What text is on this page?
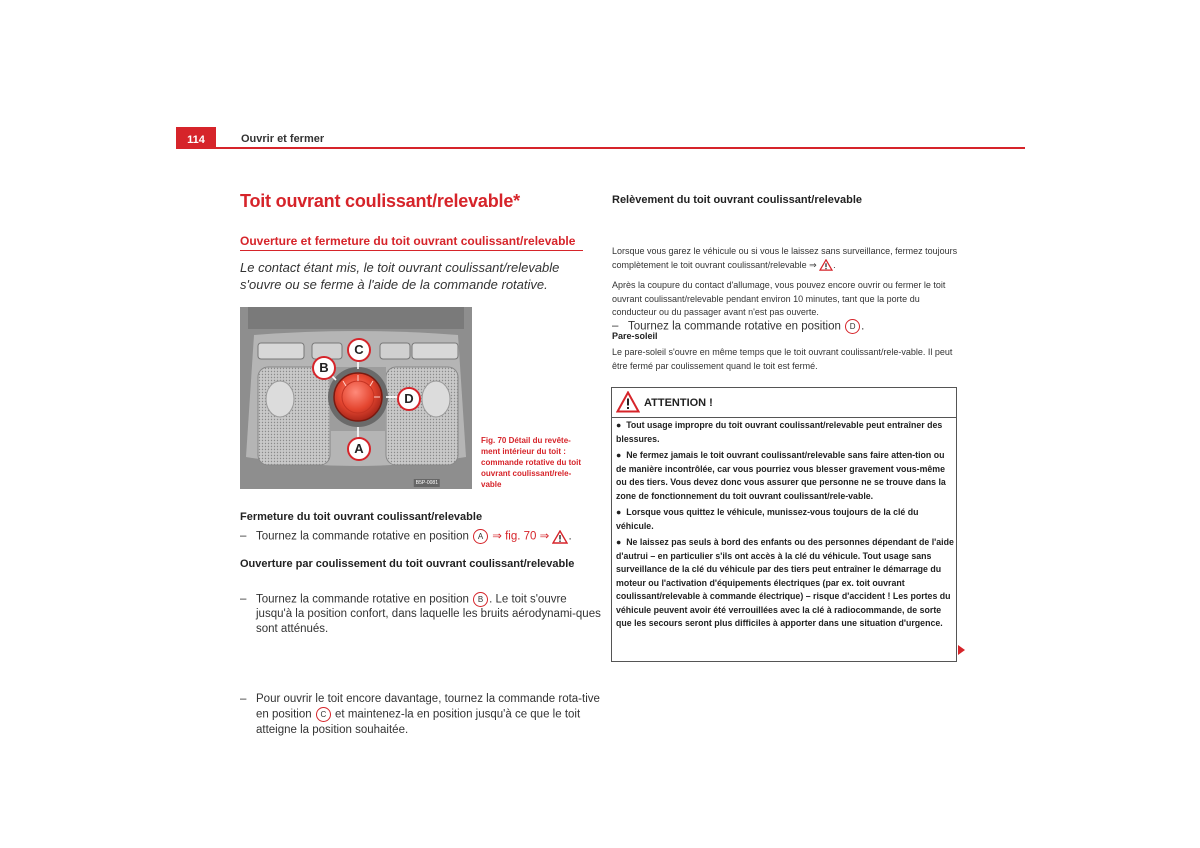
114	Ouvrir et fermer
Toit ouvrant coulissant/relevable*
Ouverture et fermeture du toit ouvrant coulissant/relevable
Le contact étant mis, le toit ouvrant coulissant/relevable s'ouvre ou se ferme à l'aide de la commande rotative.
C
B
D
A
B5P-0081
Fig. 70 Détail du revête-ment intérieur du toit : commande rotative du toit ouvrant coulissant/rele-vable
Fermeture du toit ouvrant coulissant/relevable
– Tournez la commande rotative en position A ⇒ fig. 70 ⇒ .
Ouverture par coulissement du toit ouvrant coulissant/relevable
– Tournez la commande rotative en position B . Le toit s'ouvre jusqu'à la position confort, dans laquelle les bruits aérodynami-ques sont atténués.
– Pour ouvrir le toit encore davantage, tournez la commande rota-tive en position C et maintenez-la en position jusqu'à ce que le toit atteigne la position souhaitée.
Relèvement du toit ouvrant coulissant/relevable
– Tournez la commande rotative en position D .
Lorsque vous garez le véhicule ou si vous le laissez sans surveillance, fermez toujours complètement le toit ouvrant coulissant/relevable ⇒ .
Après la coupure du contact d'allumage, vous pouvez encore ouvrir ou fermer le toit ouvrant coulissant/relevable pendant environ 10 minutes, tant que la porte du conducteur ou du passager avant n'est pas ouverte.
Pare-soleil
Le pare-soleil s'ouvre en même temps que le toit ouvrant coulissant/rele-vable. Il peut être fermé par coulissement quand le toit est fermé.
ATTENTION !

●  Tout usage impropre du toit ouvrant coulissant/relevable peut entraîner des blessures.

●  Ne fermez jamais le toit ouvrant coulissant/relevable sans faire atten-tion ou de manière incontrôlée, car vous pourriez vous blesser gravement vous-même ou des tiers. Vous devez donc vous assurer que personne ne se trouve dans la zone de fonctionnement du toit ouvrant coulissant/rele-vable.

●  Lorsque vous quittez le véhicule, munissez-vous toujours de la clé du véhicule.

●  Ne laissez pas seuls à bord des enfants ou des personnes dépendant de l'aide d'autrui – en particulier s'ils ont accès à la clé du véhicule. Tout usage sans surveillance de la clé du véhicule par des tiers peut entraîner le démarrage du moteur ou l'activation d'équipements électriques (par ex. toit ouvrant coulissant/relevable à commande électrique) – risque d'accident ! Les portes du véhicule peuvent avoir été verrouillées avec la clé à radiocommande, de sorte que les secours seront plus difficiles à apporter dans une situation d'urgence.
